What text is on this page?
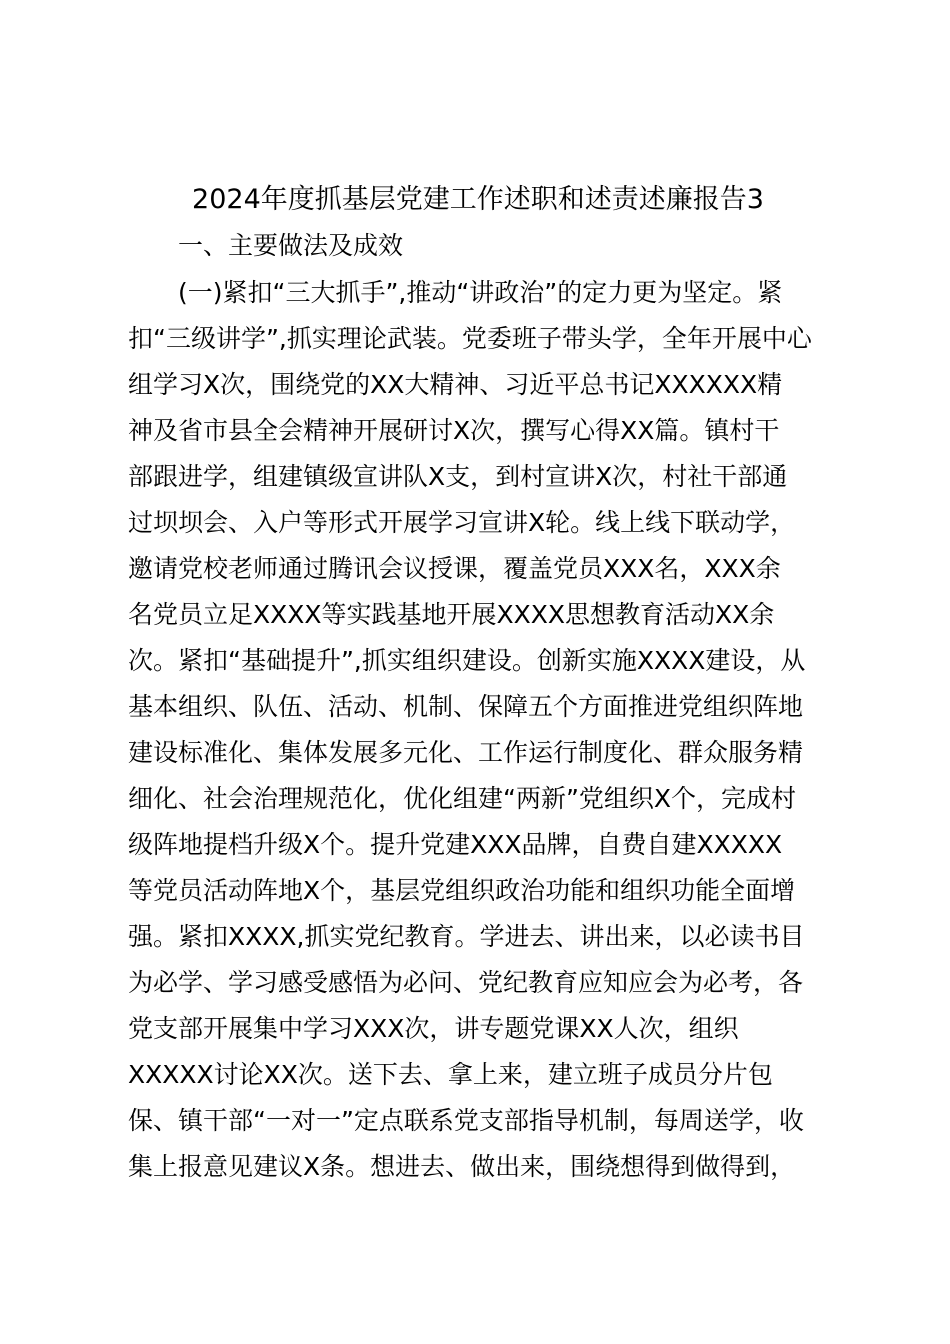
2024年度抓基层党建工作述职和述责述廉报告3
一、主要做法及成效
(一)紧扣“三大抓手”,推动“讲政治”的定力更为坚定。紧
扣“三级讲学”,抓实理论武装。党委班子带头学，全年开展中心
组学习X次，围绕党的XX大精神、习近平总书记XXXXXX精
神及省市县全会精神开展研讨X次，撰写心得XX篇。镇村干
部跟进学，组建镇级宣讲队X支，到村宣讲X次，村社干部通
过坝坝会、入户等形式开展学习宣讲X轮。线上线下联动学，
邀请党校老师通过腾讯会议授课，覆盖党员XXX名，XXX余
名党员立足XXXX等实践基地开展XXXX思想教育活动XX余
次。紧扣“基础提升”,抓实组织建设。创新实施XXXX建设，从
基本组织、队伍、活动、机制、保障五个方面推进党组织阵地
建设标准化、集体发展多元化、工作运行制度化、群众服务精
细化、社会治理规范化，优化组建“两新”党组织X个，完成村
级阵地提档升级X个。提升党建XXX品牌，自费自建XXXXX
等党员活动阵地X个，基层党组织政治功能和组织功能全面增
强。紧扣XXXX,抓实党纪教育。学进去、讲出来，以必读书目
为必学、学习感受感悟为必问、党纪教育应知应会为必考，各
党支部开展集中学习XXX次，讲专题党课XX人次，组织
XXXXX讨论XX次。送下去、拿上来，建立班子成员分片包
保、镇干部“一对一”定点联系党支部指导机制，每周送学，收
集上报意见建议X条。想进去、做出来，围绕想得到做得到，
